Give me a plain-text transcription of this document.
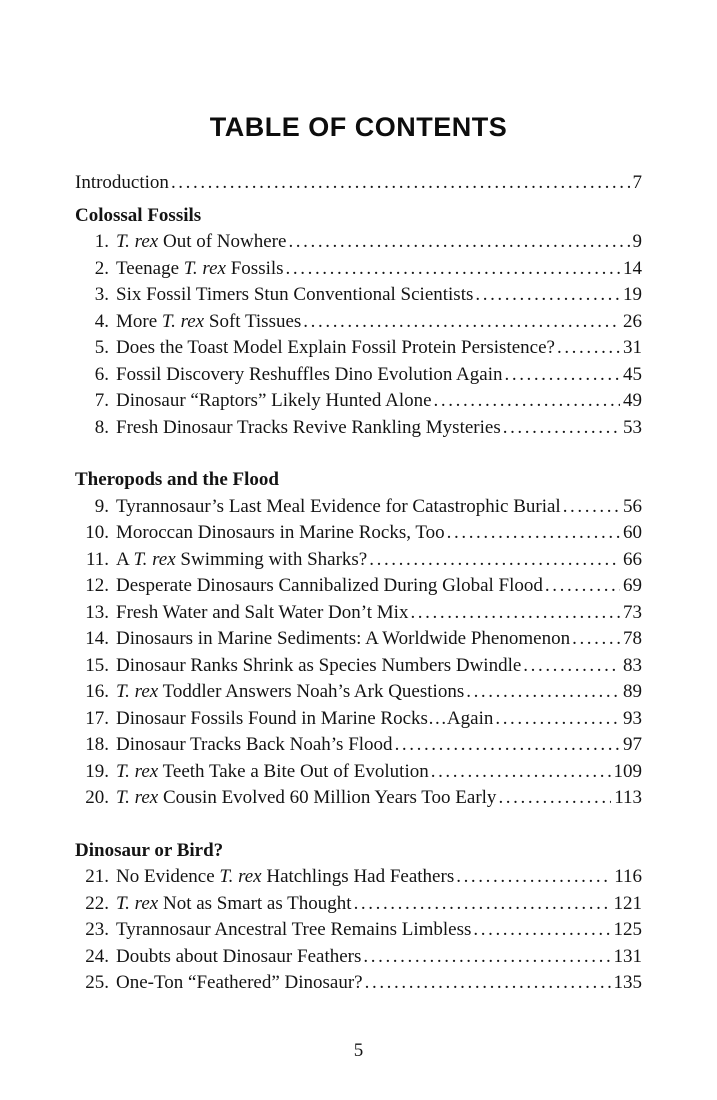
TABLE OF CONTENTS
Introduction .....	7
Colossal Fossils
1. T. rex Out of Nowhere .....	9
2. Teenage T. rex Fossils .....	14
3. Six Fossil Timers Stun Conventional Scientists .....	19
4. More T. rex Soft Tissues .....	26
5. Does the Toast Model Explain Fossil Protein Persistence? .....	31
6. Fossil Discovery Reshuffles Dino Evolution Again .....	45
7. Dinosaur “Raptors” Likely Hunted Alone .....	49
8. Fresh Dinosaur Tracks Revive Rankling Mysteries .....	53
Theropods and the Flood
9. Tyrannosaur’s Last Meal Evidence for Catastrophic Burial .....	56
10. Moroccan Dinosaurs in Marine Rocks, Too .....	60
11. A T. rex Swimming with Sharks? .....	66
12. Desperate Dinosaurs Cannibalized During Global Flood .....	69
13. Fresh Water and Salt Water Don’t Mix .....	73
14. Dinosaurs in Marine Sediments: A Worldwide Phenomenon .....	78
15. Dinosaur Ranks Shrink as Species Numbers Dwindle .....	83
16. T. rex Toddler Answers Noah’s Ark Questions .....	89
17. Dinosaur Fossils Found in Marine Rocks…Again .....	93
18. Dinosaur Tracks Back Noah’s Flood .....	97
19. T. rex Teeth Take a Bite Out of Evolution .....	109
20. T. rex Cousin Evolved 60 Million Years Too Early .....	113
Dinosaur or Bird?
21. No Evidence T. rex Hatchlings Had Feathers .....	116
22. T. rex Not as Smart as Thought .....	121
23. Tyrannosaur Ancestral Tree Remains Limbless .....	125
24. Doubts about Dinosaur Feathers .....	131
25. One-Ton “Feathered” Dinosaur? .....	135
5
